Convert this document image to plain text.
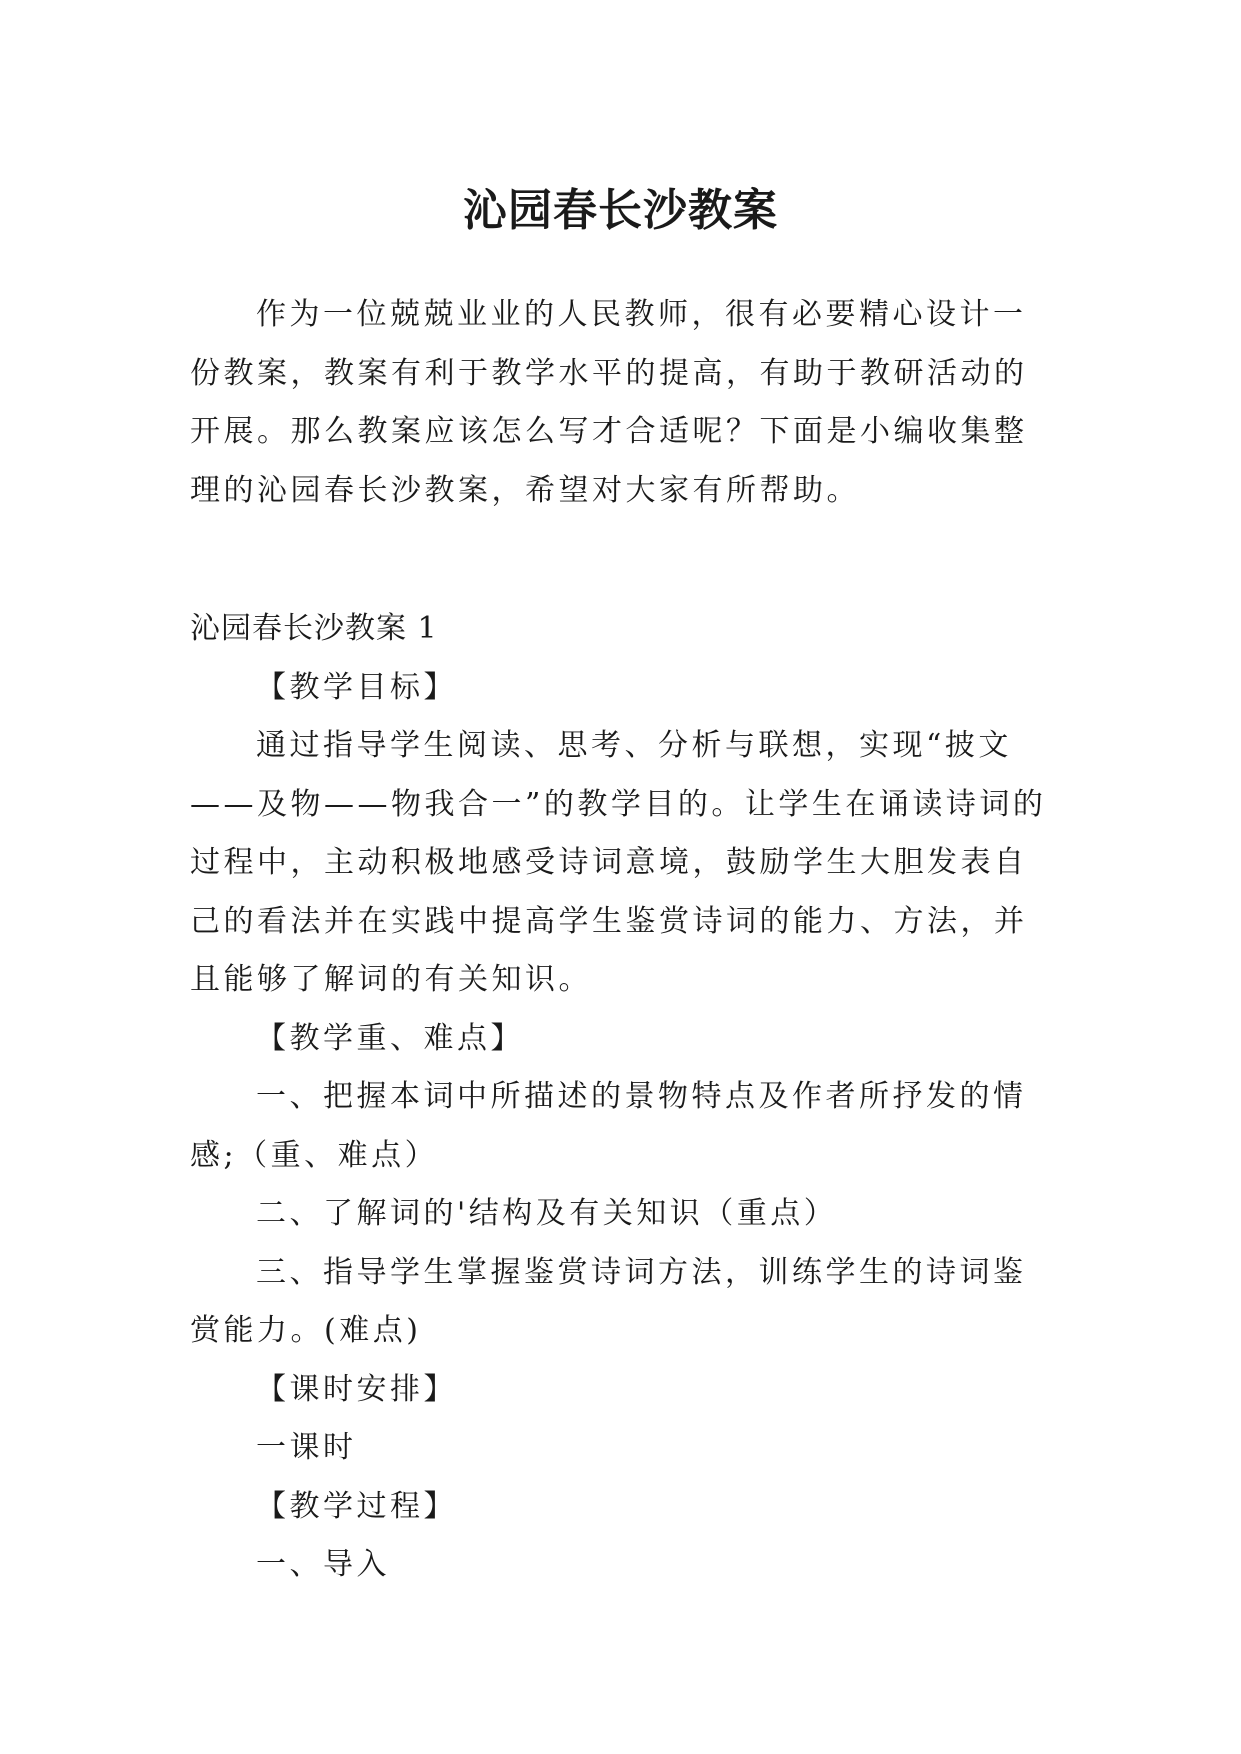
沁园春长沙教案

作为一位兢兢业业的人民教师，很有必要精心设计一份教案，教案有利于教学水平的提高，有助于教研活动的开展。那么教案应该怎么写才合适呢？下面是小编收集整理的沁园春长沙教案，希望对大家有所帮助。

沁园春长沙教案 1

【教学目标】

通过指导学生阅读、思考、分析与联想，实现“披文——及物——物我合一”的教学目的。让学生在诵读诗词的过程中，主动积极地感受诗词意境，鼓励学生大胆发表自己的看法并在实践中提高学生鉴赏诗词的能力、方法，并且能够了解词的有关知识。

【教学重、难点】

一、把握本词中所描述的景物特点及作者所抒发的情感;（重、难点）

二、了解词的'结构及有关知识（重点）

三、指导学生掌握鉴赏诗词方法，训练学生的诗词鉴赏能力。(难点)

【课时安排】

一课时

【教学过程】

一、导入
